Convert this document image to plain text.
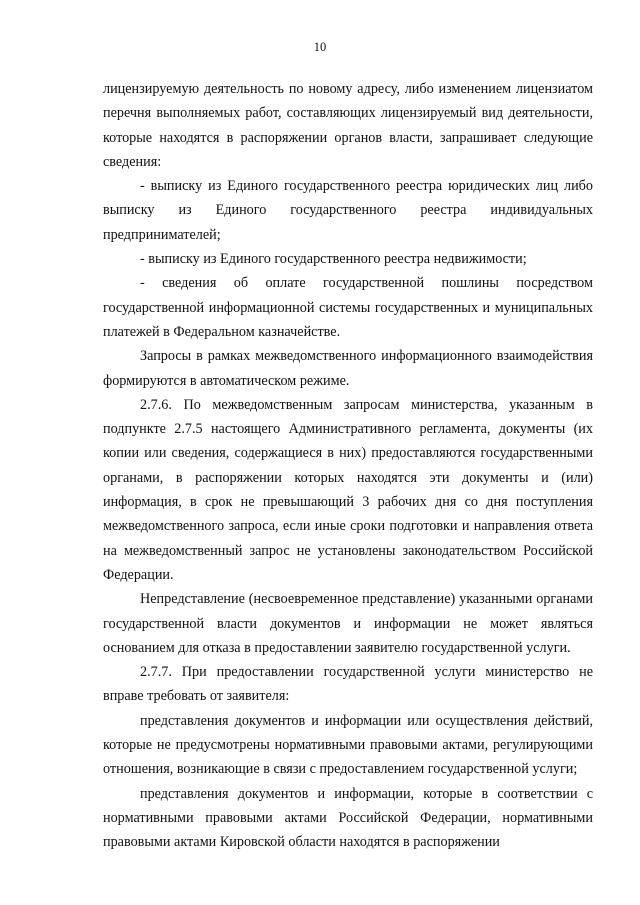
10

лицензируемую деятельность по новому адресу, либо изменением лицензиатом перечня выполняемых работ, составляющих лицензируемый вид деятельности, которые находятся в распоряжении органов власти, запрашивает следующие сведения:

- выписку из Единого государственного реестра юридических лиц либо выписку из Единого государственного реестра индивидуальных предпринимателей;

- выписку из Единого государственного реестра недвижимости;

- сведения об оплате государственной пошлины посредством государственной информационной системы государственных и муниципальных платежей в Федеральном казначействе.

Запросы в рамках межведомственного информационного взаимодействия формируются в автоматическом режиме.

2.7.6. По межведомственным запросам министерства, указанным в подпункте 2.7.5 настоящего Административного регламента, документы (их копии или сведения, содержащиеся в них) предоставляются государственными органами, в распоряжении которых находятся эти документы и (или) информация, в срок не превышающий 3 рабочих дня со дня поступления межведомственного запроса, если иные сроки подготовки и направления ответа на межведомственный запрос не установлены законодательством Российской Федерации.

Непредставление (несвоевременное представление) указанными органами государственной власти документов и информации не может являться основанием для отказа в предоставлении заявителю государственной услуги.

2.7.7. При предоставлении государственной услуги министерство не вправе требовать от заявителя:

представления документов и информации или осуществления действий, которые не предусмотрены нормативными правовыми актами, регулирующими отношения, возникающие в связи с предоставлением государственной услуги;

представления документов и информации, которые в соответствии с нормативными правовыми актами Российской Федерации, нормативными правовыми актами Кировской области находятся в распоряжении
